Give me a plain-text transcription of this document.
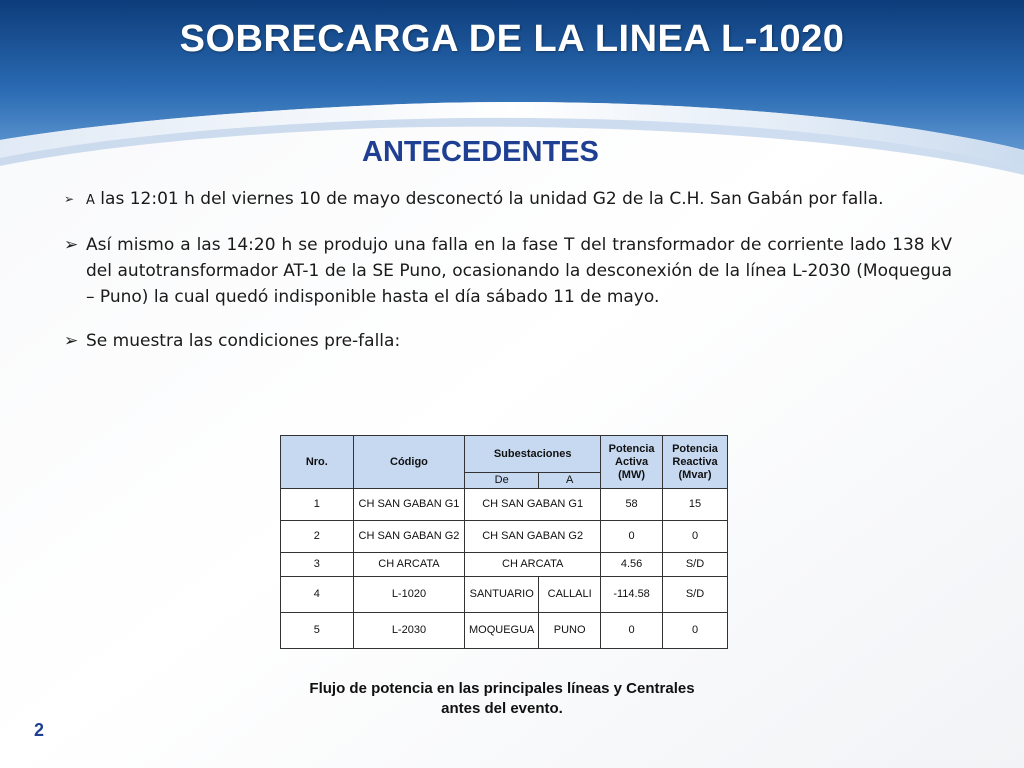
SOBRECARGA DE LA LINEA L-1020
ANTECEDENTES
➢ A las 12:01 h del viernes 10 de mayo desconectó la unidad G2 de la C.H. San Gabán por falla.
➢ Así mismo a las 14:20 h se produjo una falla en la fase T del transformador de corriente lado 138 kV del autotransformador AT-1 de la SE Puno, ocasionando la desconexión de la línea L-2030 (Moquegua – Puno) la cual quedó indisponible hasta el día sábado 11 de mayo.
➢ Se muestra las condiciones pre-falla:
Nro.	Código	Subestaciones		Potencia Activa (MW)	Potencia Reactiva (Mvar)
		De	A		
1	CH SAN GABAN G1	CH SAN GABAN G1		58	15
2	CH SAN GABAN G2	CH SAN GABAN G2		0	0
3	CH ARCATA	CH ARCATA		4.56	S/D
4	L-1020	SANTUARIO	CALLALI	-114.58	S/D
5	L-2030	MOQUEGUA	PUNO	0	0
Flujo de potencia en las principales líneas y Centrales
antes del evento.
2
